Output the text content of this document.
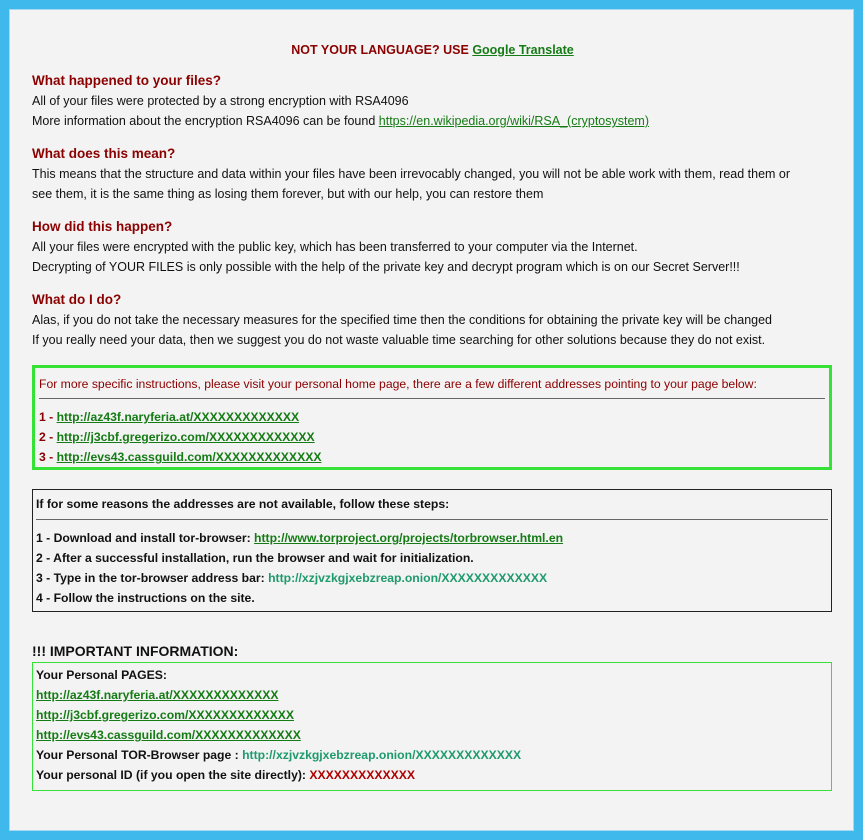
NOT YOUR LANGUAGE? USE Google Translate
What happened to your files?
All of your files were protected by a strong encryption with RSA4096
More information about the encryption RSA4096 can be found https://en.wikipedia.org/wiki/RSA_(cryptosystem)
What does this mean?
This means that the structure and data within your files have been irrevocably changed, you will not be able work with them, read them or
see them, it is the same thing as losing them forever, but with our help, you can restore them
How did this happen?
All your files were encrypted with the public key, which has been transferred to your computer via the Internet.
Decrypting of YOUR FILES is only possible with the help of the private key and decrypt program which is on our Secret Server!!!
What do I do?
Alas, if you do not take the necessary measures for the specified time then the conditions for obtaining the private key will be changed
If you really need your data, then we suggest you do not waste valuable time searching for other solutions because they do not exist.
For more specific instructions, please visit your personal home page, there are a few different addresses pointing to your page below:
1 - http://az43f.naryferia.at/XXXXXXXXXXXXX
2 - http://j3cbf.gregerizo.com/XXXXXXXXXXXXX
3 - http://evs43.cassguild.com/XXXXXXXXXXXXX
If for some reasons the addresses are not available, follow these steps:
1 - Download and install tor-browser: http://www.torproject.org/projects/torbrowser.html.en
2 - After a successful installation, run the browser and wait for initialization.
3 - Type in the tor-browser address bar: http://xzjvzkgjxebzreap.onion/XXXXXXXXXXXXX
4 - Follow the instructions on the site.
!!! IMPORTANT INFORMATION:
Your Personal PAGES:
http://az43f.naryferia.at/XXXXXXXXXXXXX
http://j3cbf.gregerizo.com/XXXXXXXXXXXXX
http://evs43.cassguild.com/XXXXXXXXXXXXX
Your Personal TOR-Browser page : http://xzjvzkgjxebzreap.onion/XXXXXXXXXXXXX
Your personal ID (if you open the site directly): XXXXXXXXXXXXX
